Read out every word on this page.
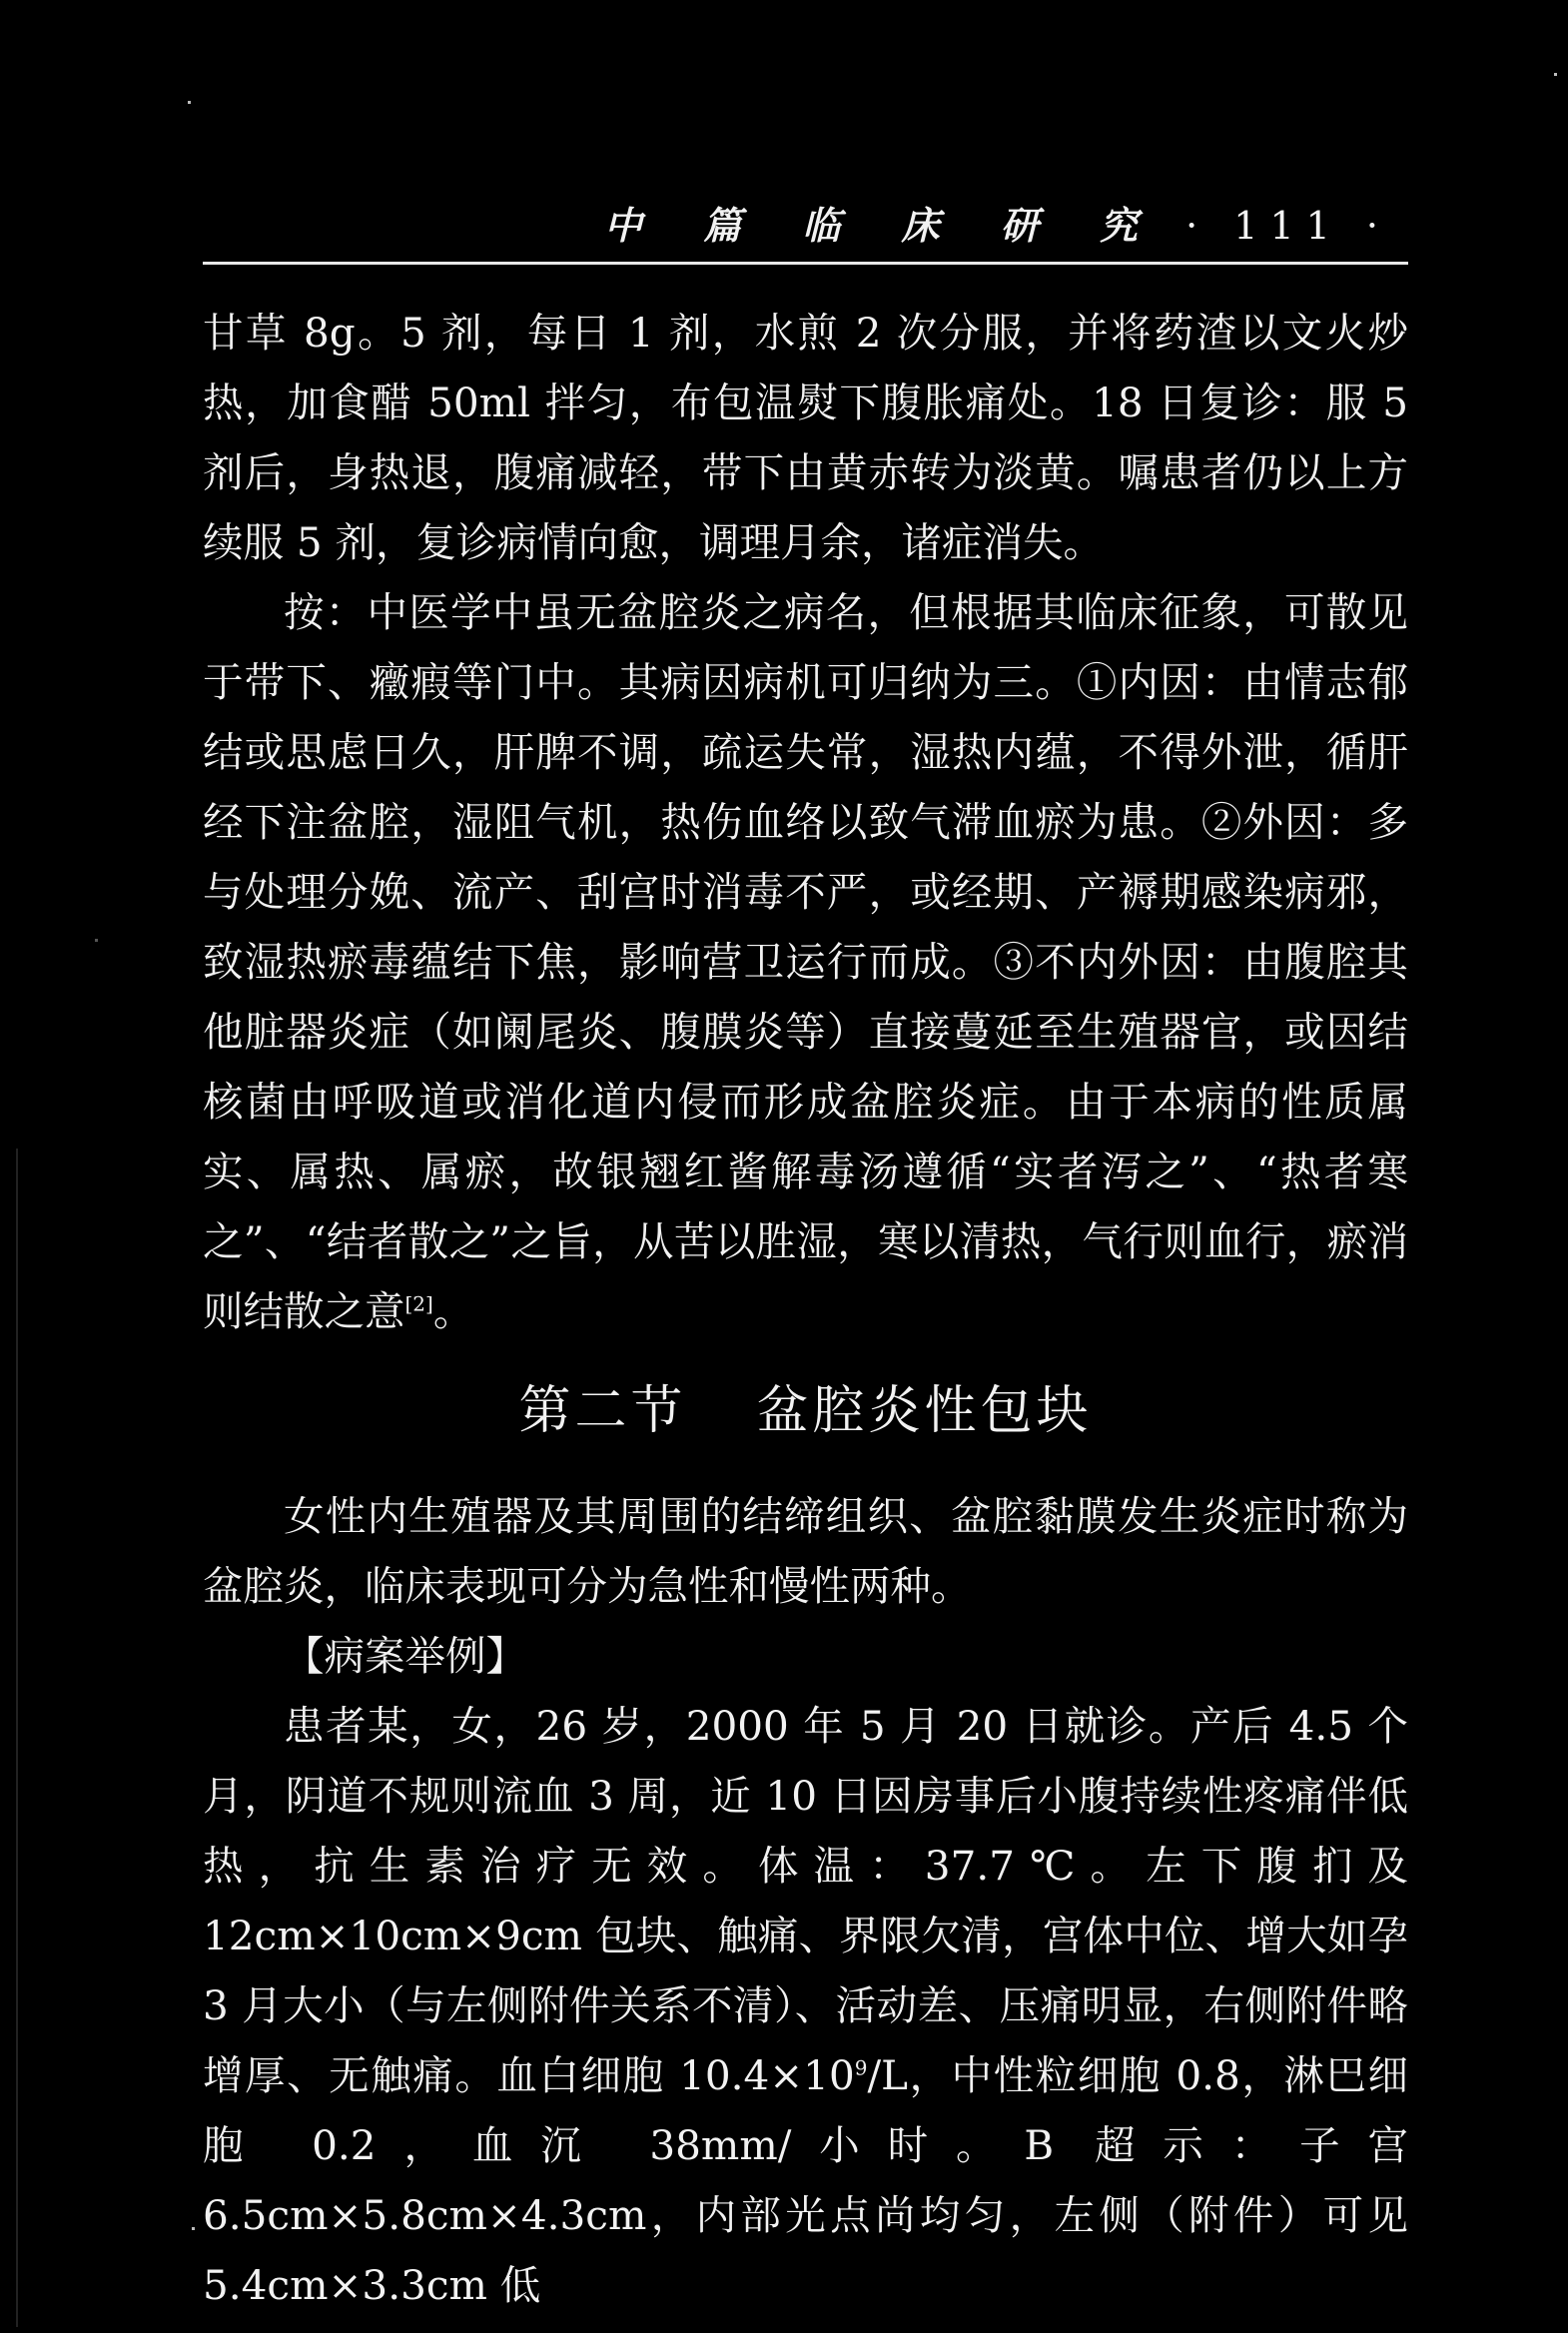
中 篇 临 床 研 究 · 111 ·

甘草 8g。5 剂，每日 1 剂，水煎 2 次分服，并将药渣以文火炒热，加食醋 50ml 拌匀，布包温熨下腹胀痛处。18 日复诊：服 5 剂后，身热退，腹痛减轻，带下由黄赤转为淡黄。嘱患者仍以上方续服 5 剂，复诊病情向愈，调理月余，诸症消失。

按：中医学中虽无盆腔炎之病名，但根据其临床征象，可散见于带下、癥瘕等门中。其病因病机可归纳为三。①内因：由情志郁结或思虑日久，肝脾不调，疏运失常，湿热内蕴，不得外泄，循肝经下注盆腔，湿阻气机，热伤血络以致气滞血瘀为患。②外因：多与处理分娩、流产、刮宫时消毒不严，或经期、产褥期感染病邪，致湿热瘀毒蕴结下焦，影响营卫运行而成。③不内外因：由腹腔其他脏器炎症（如阑尾炎、腹膜炎等）直接蔓延至生殖器官，或因结核菌由呼吸道或消化道内侵而形成盆腔炎症。由于本病的性质属实、属热、属瘀，故银翘红酱解毒汤遵循“实者泻之”、“热者寒之”、“结者散之”之旨，从苦以胜湿，寒以清热，气行则血行，瘀消则结散之意[2]。

第二节 盆腔炎性包块

女性内生殖器及其周围的结缔组织、盆腔黏膜发生炎症时称为盆腔炎，临床表现可分为急性和慢性两种。

【病案举例】

患者某，女，26 岁，2000 年 5 月 20 日就诊。产后 4.5 个月，阴道不规则流血 3 周，近 10 日因房事后小腹持续性疼痛伴低热，抗生素治疗无效。体温：37.7℃。左下腹扪及 12cm×10cm×9cm 包块、触痛、界限欠清，宫体中位、增大如孕 3 月大小（与左侧附件关系不清）、活动差、压痛明显，右侧附件略增厚、无触痛。血白细胞 $10.4\times 10^9/L$，中性粒细胞 0.8，淋巴细胞 0.2，血沉 38mm/小时。B 超示：子宫 6.5cm×5.8cm×4.3cm，内部光点尚均匀，左侧（附件）可见 5.4cm×3.3cm 低
